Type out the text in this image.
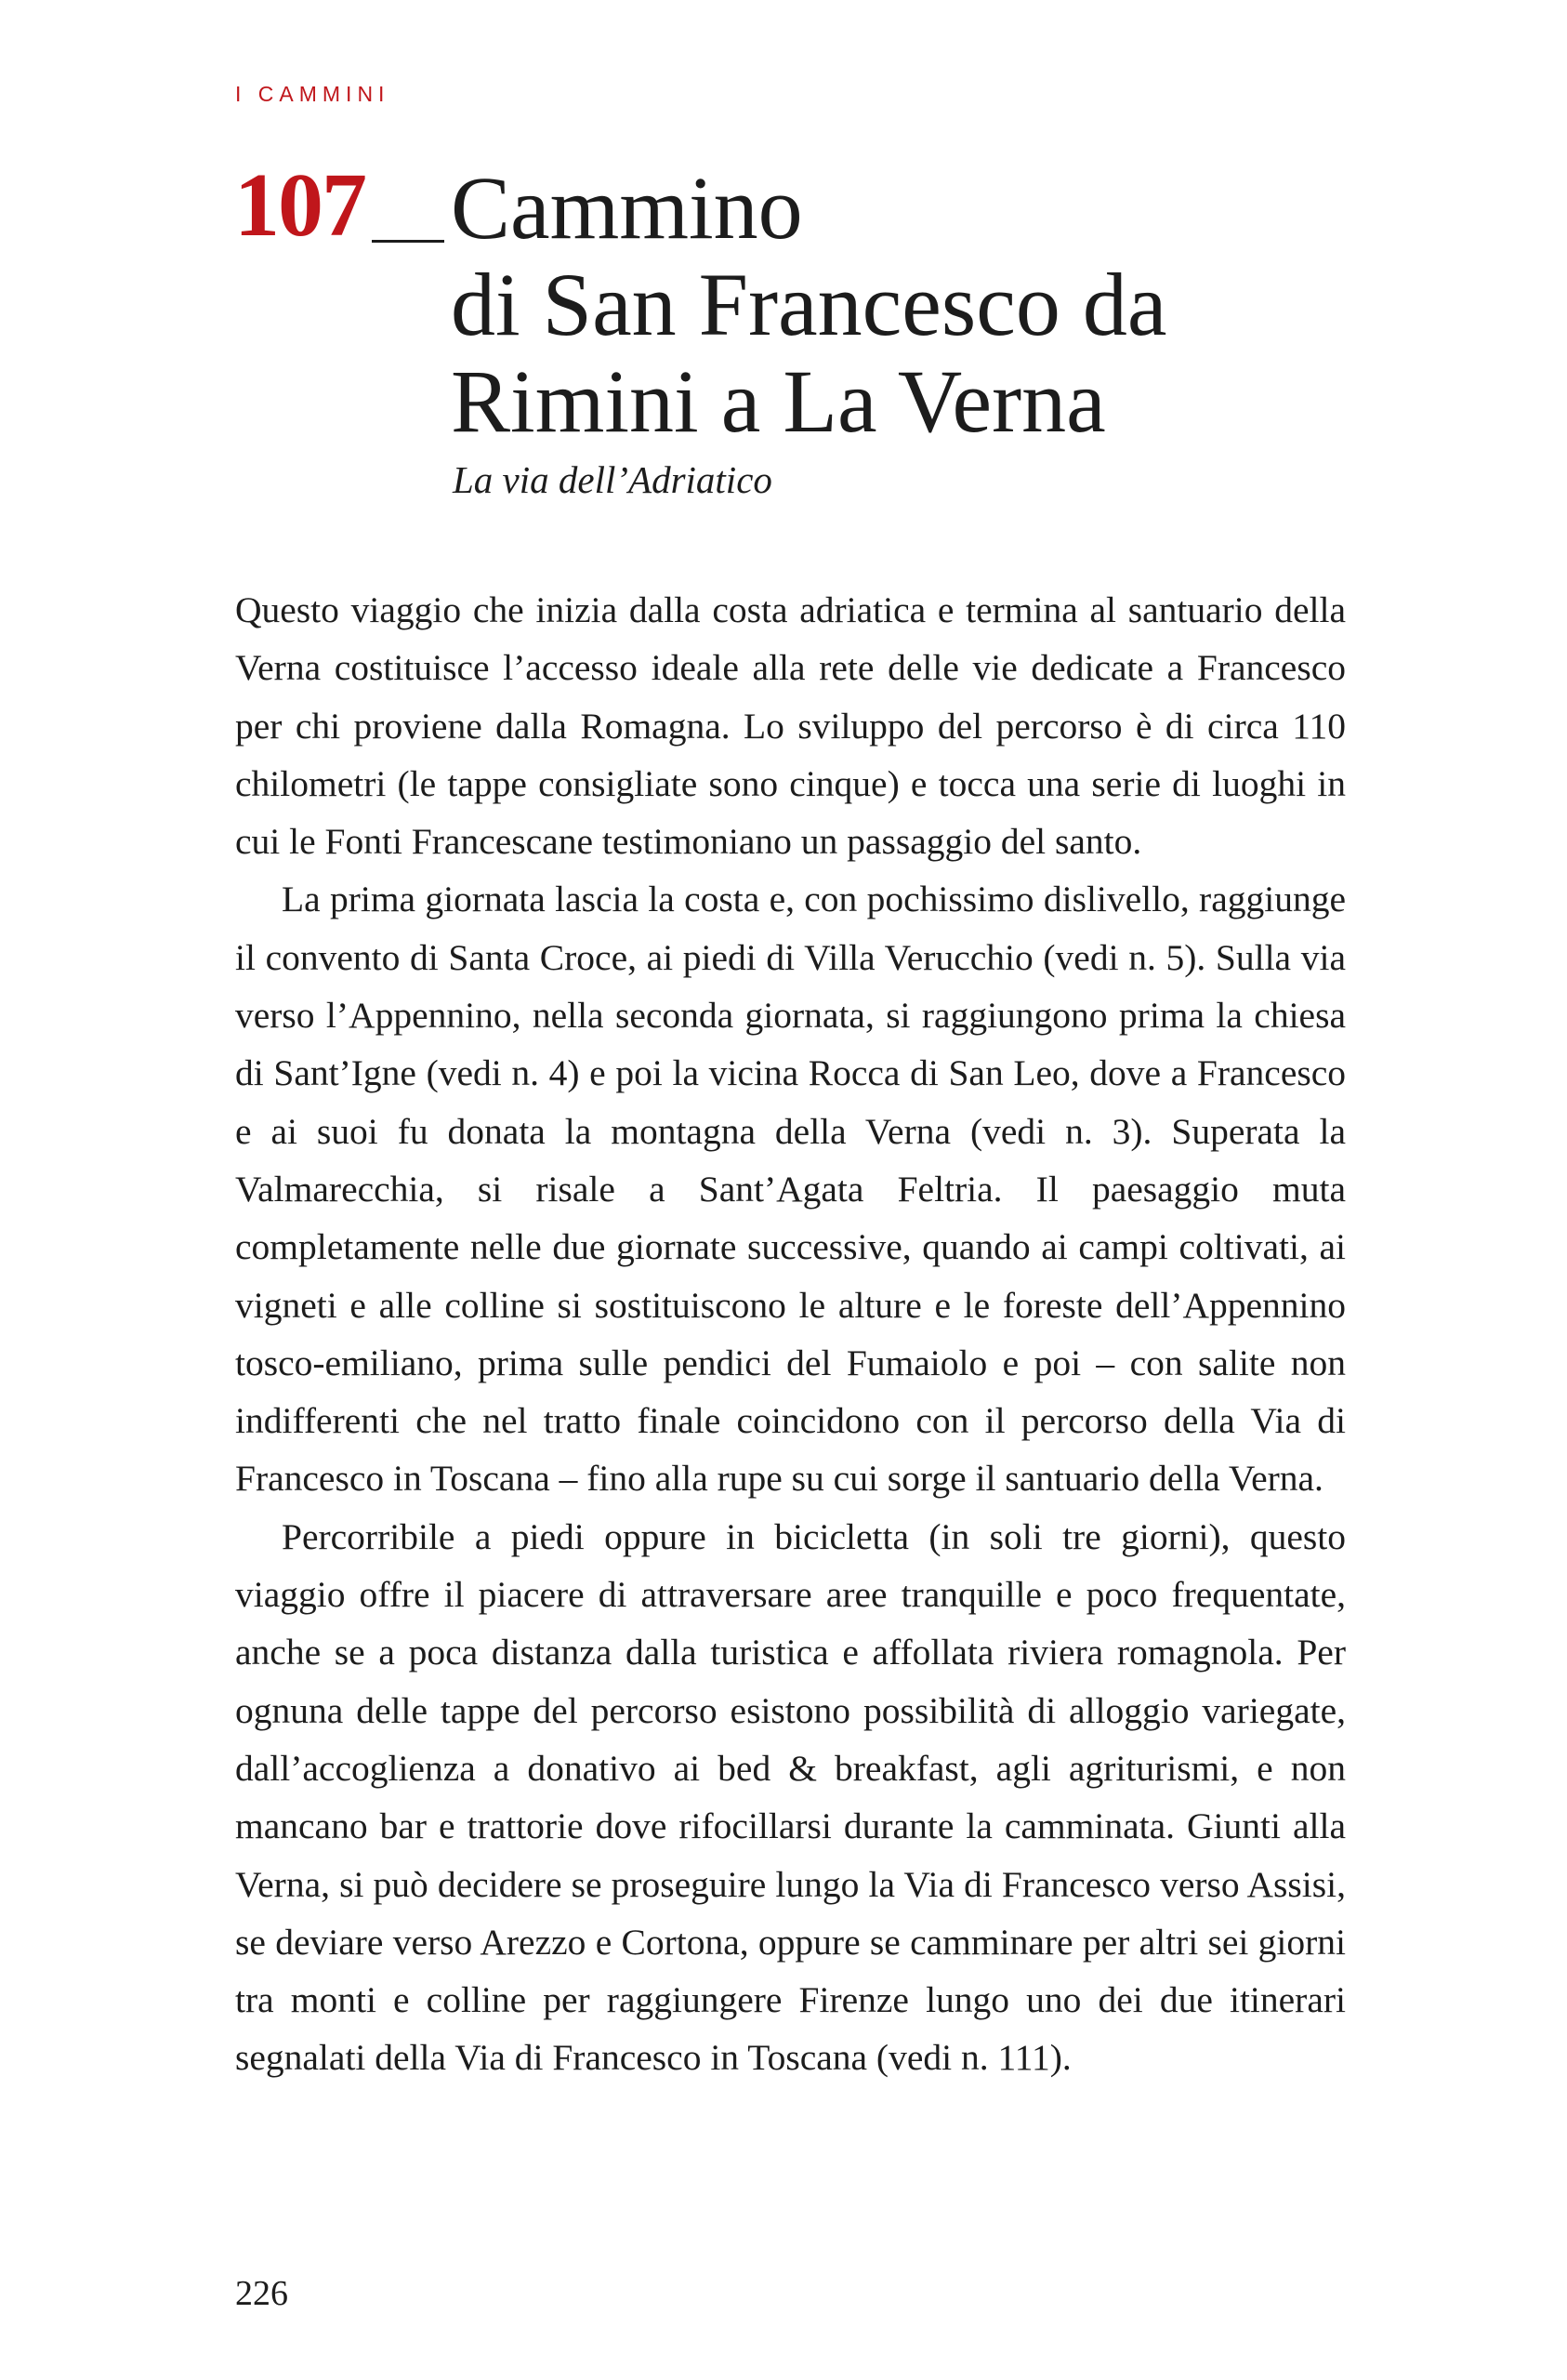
I CAMMINI
107 Cammino
di San Francesco da
Rimini a La Verna
La via dell’Adriatico

Questo viaggio che inizia dalla costa adriatica e termina al santuario della Verna costituisce l’accesso ideale alla rete delle vie dedicate a Francesco per chi proviene dalla Romagna. Lo sviluppo del percorso è di circa 110 chilometri (le tappe consigliate sono cinque) e tocca una serie di luoghi in cui le Fonti Francescane testimoniano un passaggio del santo.

La prima giornata lascia la costa e, con pochissimo dislivello, raggiunge il convento di Santa Croce, ai piedi di Villa Verucchio (vedi n. 5). Sulla via verso l’Appennino, nella seconda giornata, si raggiungono prima la chiesa di Sant’Igne (vedi n. 4) e poi la vicina Rocca di San Leo, dove a Francesco e ai suoi fu donata la montagna della Verna (vedi n. 3). Superata la Valmarecchia, si risale a Sant’Agata Feltria. Il paesaggio muta completamente nelle due giornate successive, quando ai campi coltivati, ai vigneti e alle colline si sostituiscono le alture e le foreste dell’Appennino tosco-emiliano, prima sulle pendici del Fumaiolo e poi – con salite non indifferenti che nel tratto finale coincidono con il percorso della Via di Francesco in Toscana – fino alla rupe su cui sorge il santuario della Verna.

Percorribile a piedi oppure in bicicletta (in soli tre giorni), questo viaggio offre il piacere di attraversare aree tranquille e poco frequentate, anche se a poca distanza dalla turistica e affollata riviera romagnola. Per ognuna delle tappe del percorso esistono possibilità di alloggio variegate, dall’accoglienza a donativo ai bed & breakfast, agli agriturismi, e non mancano bar e trattorie dove rifocillarsi durante la camminata. Giunti alla Verna, si può decidere se proseguire lungo la Via di Francesco verso Assisi, se deviare verso Arezzo e Cortona, oppure se camminare per altri sei giorni tra monti e colline per raggiungere Firenze lungo uno dei due itinerari segnalati della Via di Francesco in Toscana (vedi n. 111).

226
